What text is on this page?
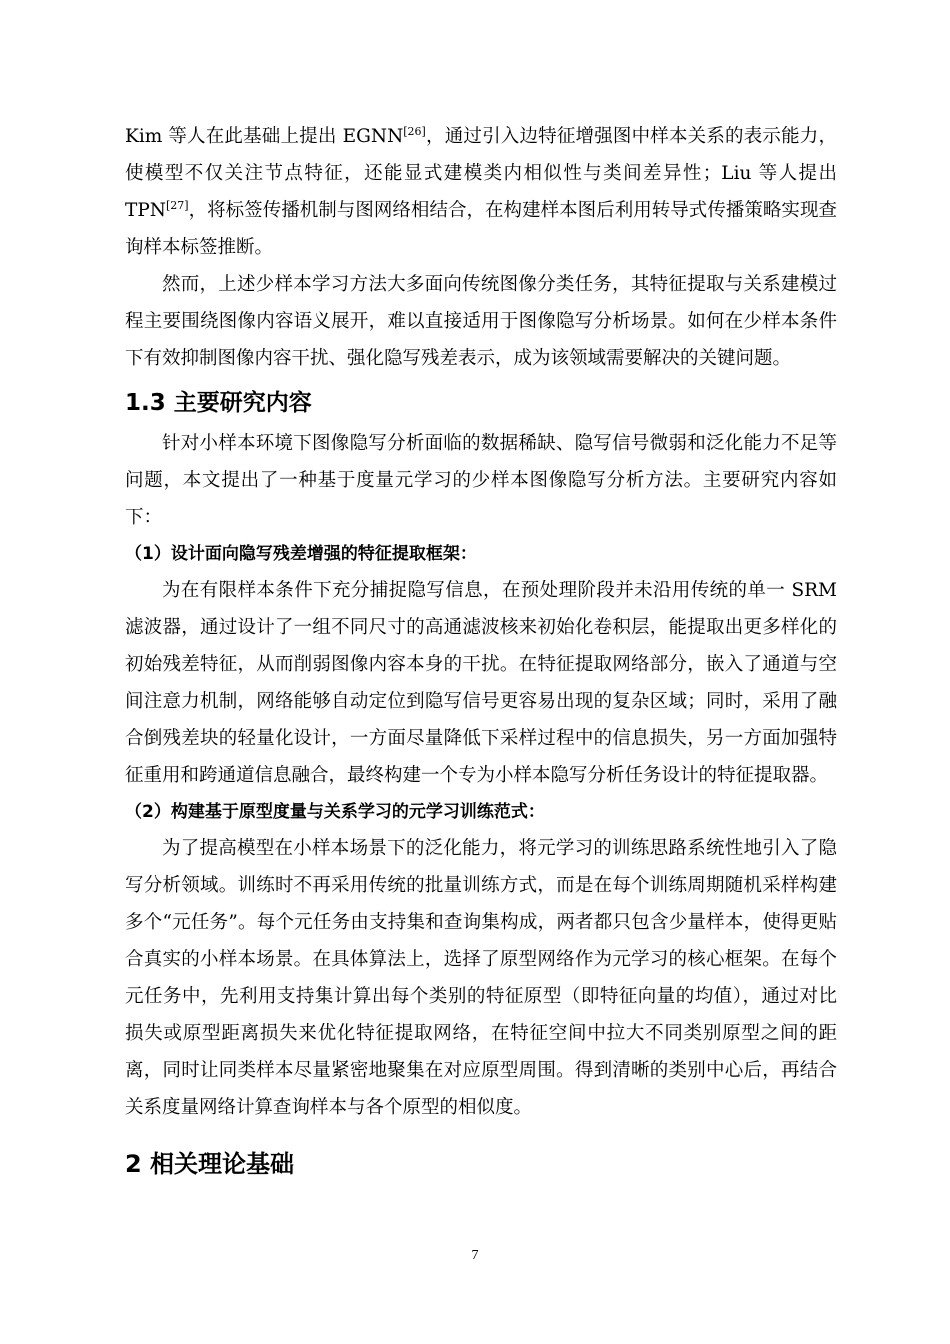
Kim 等人在此基础上提出 EGNN[26]，通过引入边特征增强图中样本关系的表示能力，使模型不仅关注节点特征，还能显式建模类内相似性与类间差异性；Liu 等人提出 TPN[27]，将标签传播机制与图网络相结合，在构建样本图后利用转导式传播策略实现查询样本标签推断。

然而，上述少样本学习方法大多面向传统图像分类任务，其特征提取与关系建模过程主要围绕图像内容语义展开，难以直接适用于图像隐写分析场景。如何在少样本条件下有效抑制图像内容干扰、强化隐写残差表示，成为该领域需要解决的关键问题。

1.3 主要研究内容

针对小样本环境下图像隐写分析面临的数据稀缺、隐写信号微弱和泛化能力不足等问题，本文提出了一种基于度量元学习的少样本图像隐写分析方法。主要研究内容如下：

（1）设计面向隐写残差增强的特征提取框架：

为在有限样本条件下充分捕捉隐写信息，在预处理阶段并未沿用传统的单一 SRM 滤波器，通过设计了一组不同尺寸的高通滤波核来初始化卷积层，能提取出更多样化的初始残差特征，从而削弱图像内容本身的干扰。在特征提取网络部分，嵌入了通道与空间注意力机制，网络能够自动定位到隐写信号更容易出现的复杂区域；同时，采用了融合倒残差块的轻量化设计，一方面尽量降低下采样过程中的信息损失，另一方面加强特征重用和跨通道信息融合，最终构建一个专为小样本隐写分析任务设计的特征提取器。

（2）构建基于原型度量与关系学习的元学习训练范式：

为了提高模型在小样本场景下的泛化能力，将元学习的训练思路系统性地引入了隐写分析领域。训练时不再采用传统的批量训练方式，而是在每个训练周期随机采样构建多个“元任务”。每个元任务由支持集和查询集构成，两者都只包含少量样本，使得更贴合真实的小样本场景。在具体算法上，选择了原型网络作为元学习的核心框架。在每个元任务中，先利用支持集计算出每个类别的特征原型（即特征向量的均值），通过对比损失或原型距离损失来优化特征提取网络，在特征空间中拉大不同类别原型之间的距离，同时让同类样本尽量紧密地聚集在对应原型周围。得到清晰的类别中心后，再结合关系度量网络计算查询样本与各个原型的相似度。

2 相关理论基础
7
